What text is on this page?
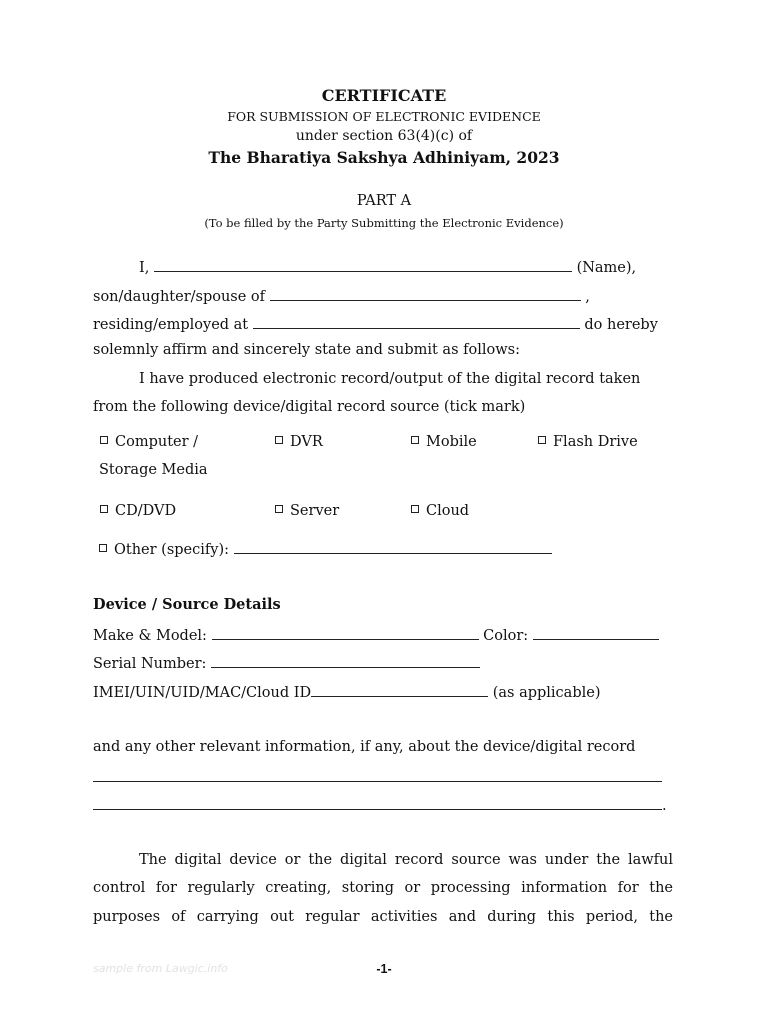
CERTIFICATE
FOR SUBMISSION OF ELECTRONIC EVIDENCE
under section 63(4)(c) of
The Bharatiya Sakshya Adhiniyam, 2023
PART A
(To be filled by the Party Submitting the Electronic Evidence)
I,	(Name),
son/daughter/spouse of	,
residing/employed at	do hereby
solemnly affirm and sincerely state and submit as follows:
I have produced electronic record/output of the digital record taken
from the following device/digital record source (tick mark)
Computer /
Storage Media
DVR	Mobile	Flash Drive
CD/DVD	Server	Cloud
Other (specify):
Device / Source Details
Make & Model:	Color:
Serial Number:
IMEI/UIN/UID/MAC/Cloud ID	(as applicable)
and any other relevant information, if any, about the device/digital record
.
The digital device or the digital record source was under the lawful
control for regularly creating, storing or processing information for the
purposes of carrying out regular activities and during this period, the
sample from Lawgic.info	-1-
